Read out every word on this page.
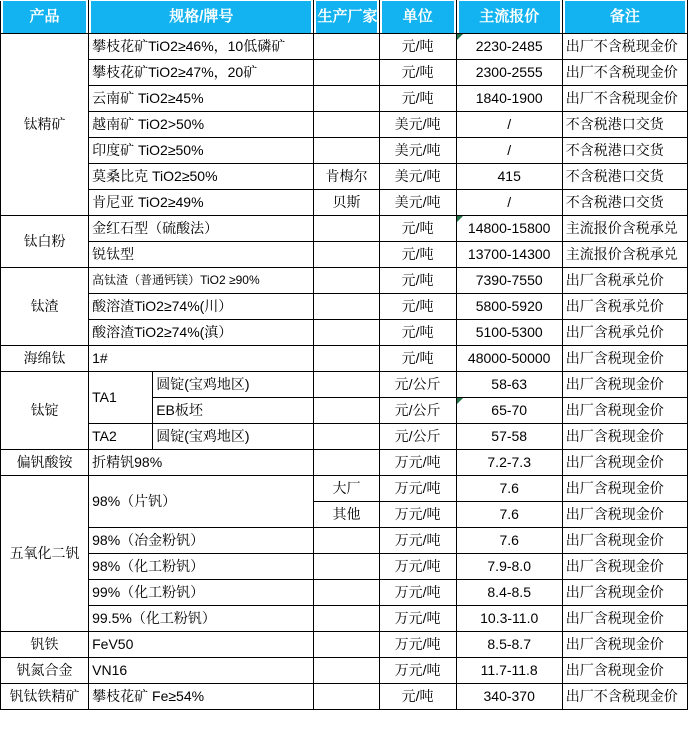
产品	规格/牌号		生产厂家	单位	主流报价	备注
钛精矿	攀枝花矿TiO2≥46%，10低磷矿			元/吨	2230-2485	出厂不含税现金价
	攀枝花矿TiO2≥47%，20矿			元/吨	2300-2555	出厂不含税现金价
	云南矿 TiO2≥45%			元/吨	1840-1900	出厂不含税现金价
	越南矿 TiO2>50%			美元/吨	/	不含税港口交货
	印度矿 TiO2≥50%			美元/吨	/	不含税港口交货
	莫桑比克 TiO2≥50%		肯梅尔	美元/吨	415	不含税港口交货
	肯尼亚 TiO2≥49%		贝斯	美元/吨	/	不含税港口交货
钛白粉	金红石型（硫酸法）			元/吨	14800-15800	主流报价含税承兑
	锐钛型			元/吨	13700-14300	主流报价含税承兑
钛渣	高钛渣（普通钙镁）TiO2 ≥90%			元/吨	7390-7550	出厂含税承兑价
	酸溶渣TiO2≥74%(川）			元/吨	5800-5920	出厂含税承兑价
	酸溶渣TiO2≥74%(滇）			元/吨	5100-5300	出厂含税承兑价
海绵钛	1#			元/吨	48000-50000	出厂含税现金价
钛锭	TA1	圆锭(宝鸡地区)		元/公斤	58-63	出厂含税现金价
		EB板坯		元/公斤	65-70	出厂含税现金价
	TA2	圆锭(宝鸡地区)		元/公斤	57-58	出厂含税现金价
偏钒酸铵	折精钒98%			万元/吨	7.2-7.3	出厂含税现金价
五氧化二钒	98%（片钒）		大厂	万元/吨	7.6	出厂含税现金价
			其他	万元/吨	7.6	出厂含税现金价
	98%（冶金粉钒）			万元/吨	7.6	出厂含税现金价
	98%（化工粉钒）			万元/吨	7.9-8.0	出厂含税现金价
	99%（化工粉钒）			万元/吨	8.4-8.5	出厂含税现金价
	99.5%（化工粉钒）			万元/吨	10.3-11.0	出厂含税现金价
钒铁	FeV50			万元/吨	8.5-8.7	出厂含税现金价
钒氮合金	VN16			万元/吨	11.7-11.8	出厂含税现金价
钒钛铁精矿	攀枝花矿 Fe≥54%			元/吨	340-370	出厂不含税现金价
